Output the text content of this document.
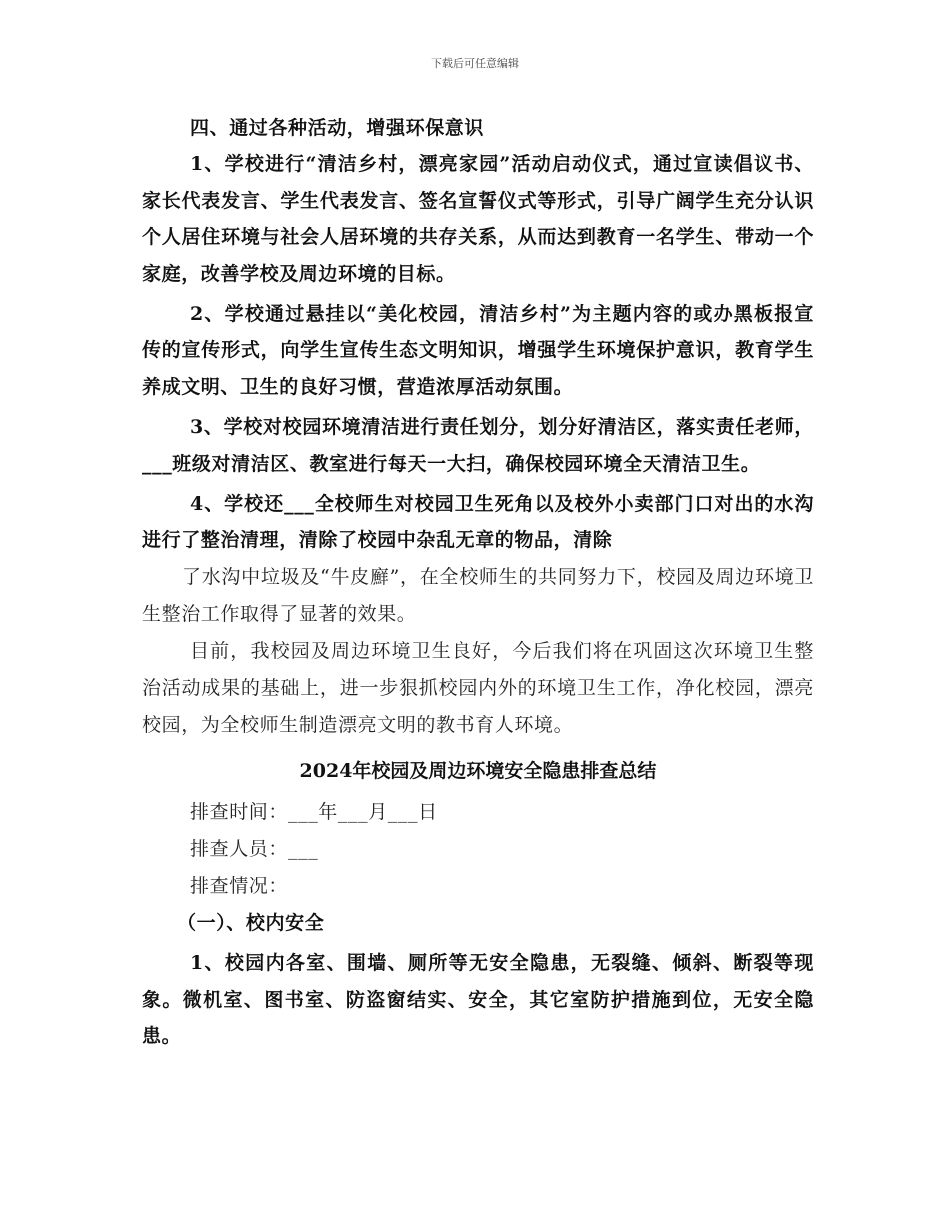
下载后可任意编辑

四、通过各种活动，增强环保意识

1、学校进行“清洁乡村，漂亮家园”活动启动仪式，通过宣读倡议书、家长代表发言、学生代表发言、签名宣誓仪式等形式，引导广阔学生充分认识个人居住环境与社会人居环境的共存关系，从而达到教育一名学生、带动一个家庭，改善学校及周边环境的目标。

2、学校通过悬挂以“美化校园，清洁乡村”为主题内容的或办黑板报宣传的宣传形式，向学生宣传生态文明知识，增强学生环境保护意识，教育学生养成文明、卫生的良好习惯，营造浓厚活动氛围。

3、学校对校园环境清洁进行责任划分，划分好清洁区，落实责任老师，___班级对清洁区、教室进行每天一大扫，确保校园环境全天清洁卫生。

4、学校还___全校师生对校园卫生死角以及校外小卖部门口对出的水沟进行了整治清理，清除了校园中杂乱无章的物品，清除

了水沟中垃圾及“牛皮廯”，在全校师生的共同努力下，校园及周边环境卫生整治工作取得了显著的效果。

目前，我校园及周边环境卫生良好，今后我们将在巩固这次环境卫生整治活动成果的基础上，进一步狠抓校园内外的环境卫生工作，净化校园，漂亮校园，为全校师生制造漂亮文明的教书育人环境。

2024年校园及周边环境安全隐患排查总结

排查时间：___年___月___日

排查人员：___

排查情况：

（一）、校内安全

1、校园内各室、围墙、厕所等无安全隐患，无裂缝、倾斜、断裂等现象。微机室、图书室、防盗窗结实、安全，其它室防护措施到位，无安全隐患。
